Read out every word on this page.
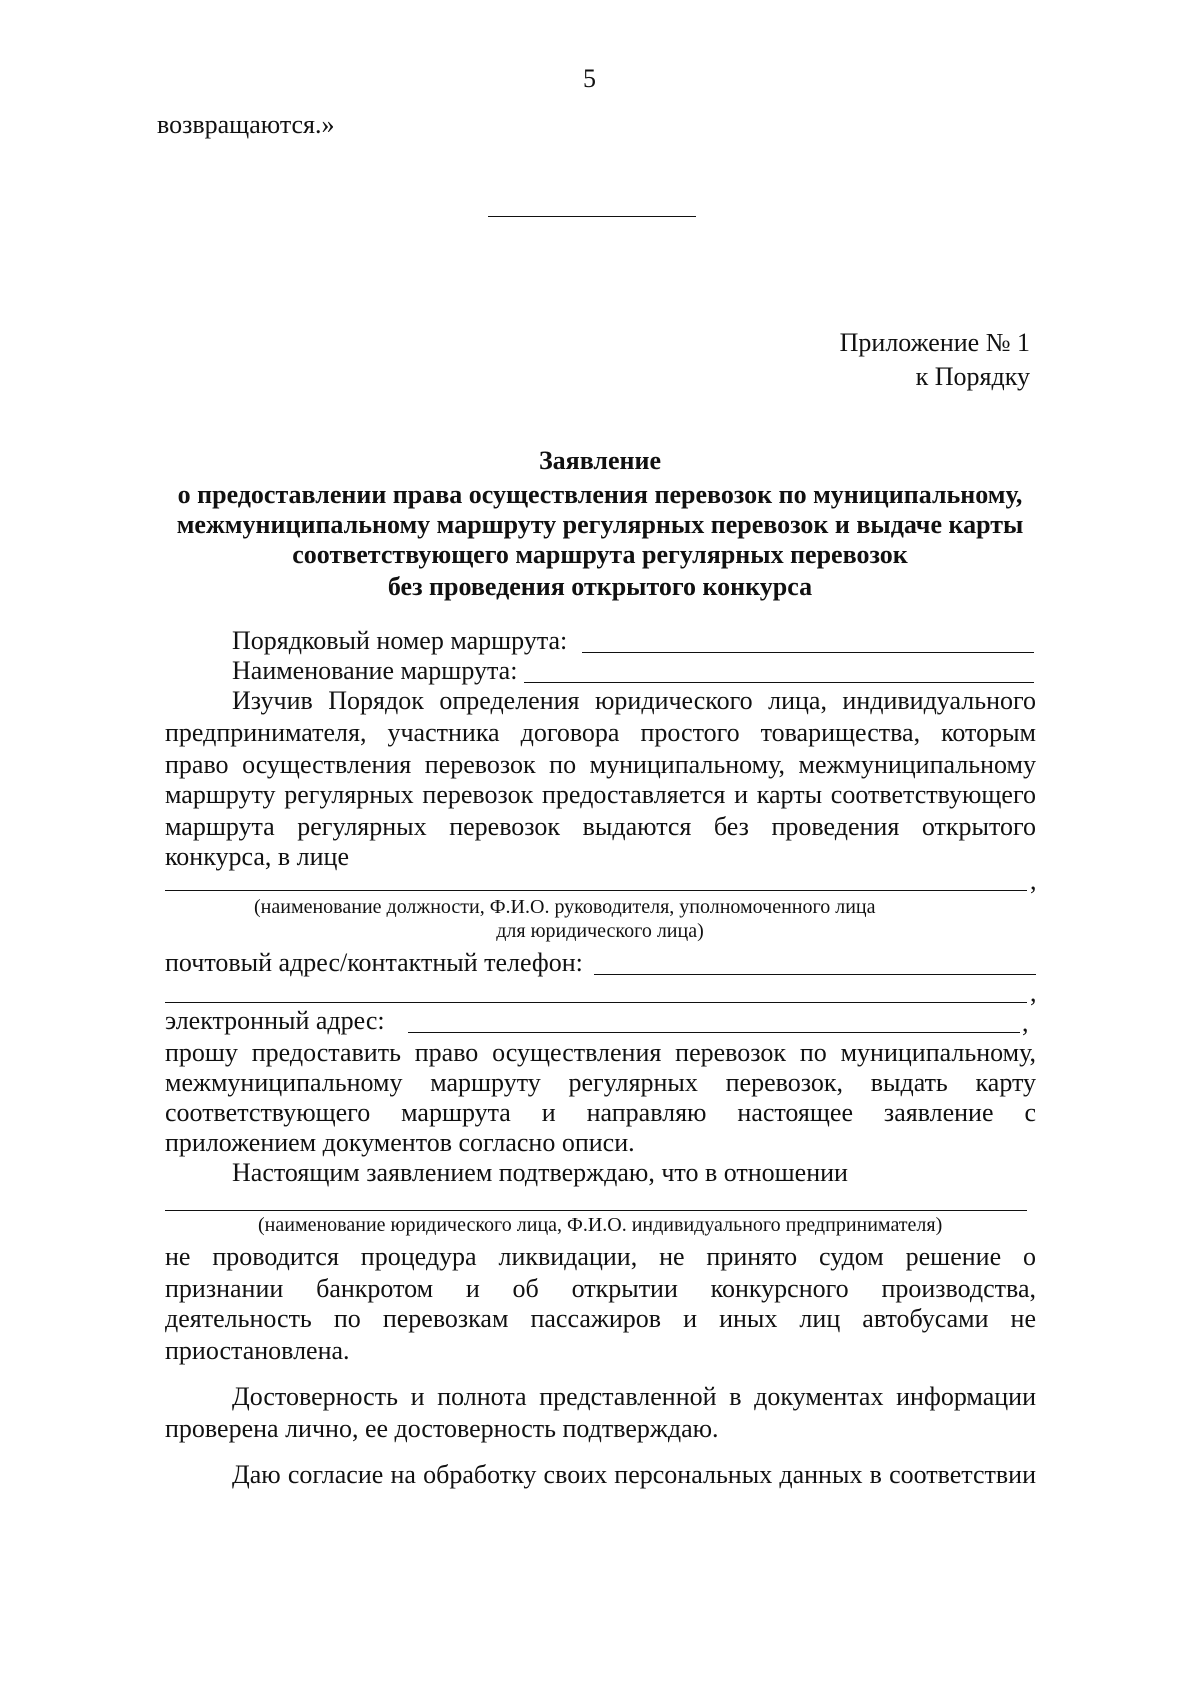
5
возвращаются.»
Приложение № 1
к Порядку
Заявление
о предоставлении права осуществления перевозок по муниципальному,
межмуниципальному маршруту регулярных перевозок и выдаче карты
соответствующего маршрута регулярных перевозок
без проведения открытого конкурса
Порядковый номер маршрута:
Наименование маршрута:
Изучив Порядок определения юридического лица, индивидуального
предпринимателя, участника договора простого товарищества, которым
право осуществления перевозок по муниципальному, межмуниципальному
маршруту регулярных перевозок предоставляется и карты соответствующего
маршрута регулярных перевозок выдаются без проведения открытого
конкурса, в лице
,
(наименование должности, Ф.И.О. руководителя, уполномоченного лица
для юридического лица)
почтовый адрес/контактный телефон:
,
электронный адрес:	,
прошу предоставить право осуществления перевозок по муниципальному,
межмуниципальному маршруту регулярных перевозок, выдать карту
соответствующего маршрута и направляю настоящее заявление с
приложением документов согласно описи.
Настоящим заявлением подтверждаю, что в отношении
(наименование юридического лица, Ф.И.О. индивидуального предпринимателя)
не проводится процедура ликвидации, не принято судом решение о
признании банкротом и об открытии конкурсного производства,
деятельность по перевозкам пассажиров и иных лиц автобусами не
приостановлена.
Достоверность и полнота представленной в документах информации
проверена лично, ее достоверность подтверждаю.
Даю согласие на обработку своих персональных данных в соответствии
